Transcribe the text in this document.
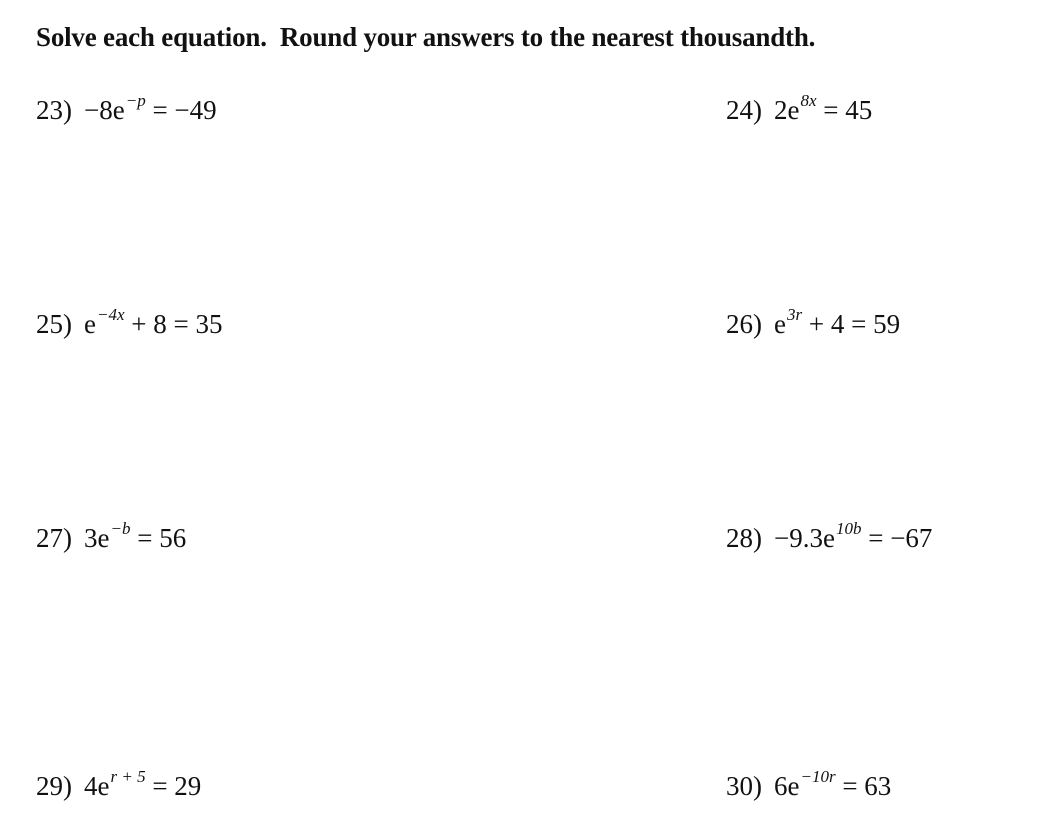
Solve each equation.  Round your answers to the nearest thousandth.
$23) -8e^{-p} = -49$	24) $2e^{8x} = 45$
25) $e^{-4x} + 8 = 35$	26) $e^{3r} + 4 = 59$
27) $3e^{-b} = 56$	$28) -9.3e^{10b} = -67$
29) $4e^{r + 5} = 29$	30) $6e^{-10r} = 63$
